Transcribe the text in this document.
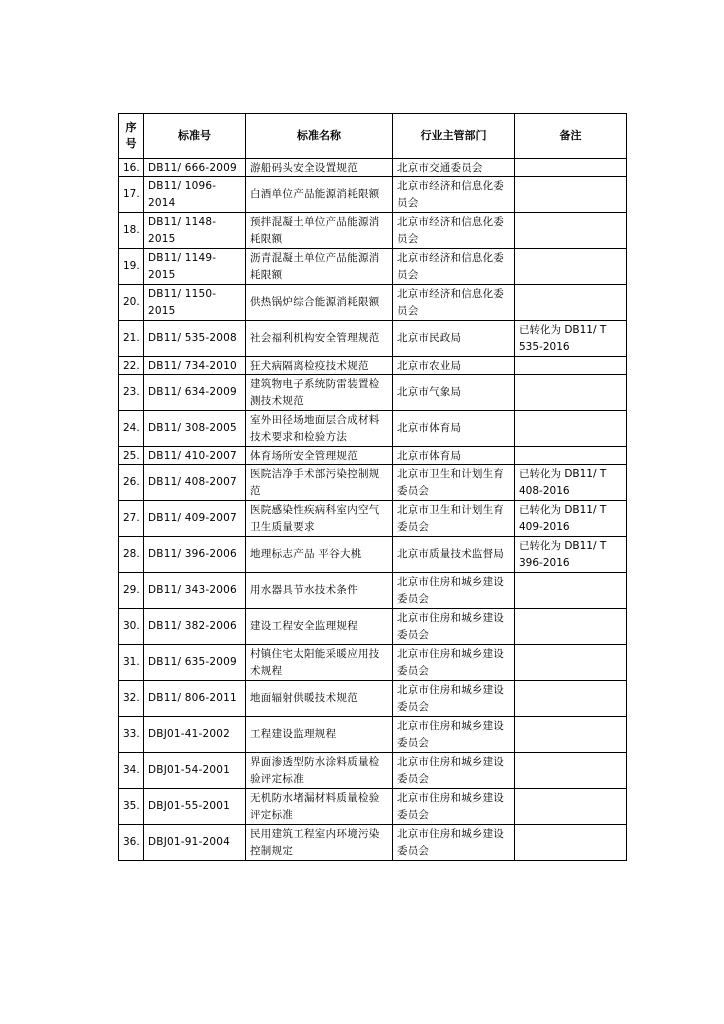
序
号	标准号	标准名称	行业主管部门	备注
16.	DB11/ 666-2009	游船码头安全设置规范	北京市交通委员会	
17.	DB11/ 1096-2014	白酒单位产品能源消耗限额	北京市经济和信息化委员会	
18.	DB11/ 1148-2015	预拌混凝土单位产品能源消耗限额	北京市经济和信息化委员会	
19.	DB11/ 1149-2015	沥青混凝土单位产品能源消耗限额	北京市经济和信息化委员会	
20.	DB11/ 1150-2015	供热锅炉综合能源消耗限额	北京市经济和信息化委员会	
21.	DB11/ 535-2008	社会福利机构安全管理规范	北京市民政局	已转化为 DB11/ T 535-2016
22.	DB11/ 734-2010	狂犬病隔离检疫技术规范	北京市农业局	
23.	DB11/ 634-2009	建筑物电子系统防雷装置检测技术规范	北京市气象局	
24.	DB11/ 308-2005	室外田径场地面层合成材料技术要求和检验方法	北京市体育局	
25.	DB11/ 410-2007	体育场所安全管理规范	北京市体育局	
26.	DB11/ 408-2007	医院洁净手术部污染控制规范	北京市卫生和计划生育委员会	已转化为 DB11/ T 408-2016
27.	DB11/ 409-2007	医院感染性疾病科室内空气卫生质量要求	北京市卫生和计划生育委员会	已转化为 DB11/ T 409-2016
28.	DB11/ 396-2006	地理标志产品 平谷大桃	北京市质量技术监督局	已转化为 DB11/ T 396-2016
29.	DB11/ 343-2006	用水器具节水技术条件	北京市住房和城乡建设委员会	
30.	DB11/ 382-2006	建设工程安全监理规程	北京市住房和城乡建设委员会	
31.	DB11/ 635-2009	村镇住宅太阳能采暖应用技术规程	北京市住房和城乡建设委员会	
32.	DB11/ 806-2011	地面辐射供暖技术规范	北京市住房和城乡建设委员会	
33.	DBJ01-41-2002	工程建设监理规程	北京市住房和城乡建设委员会	
34.	DBJ01-54-2001	界面渗透型防水涂料质量检验评定标准	北京市住房和城乡建设委员会	
35.	DBJ01-55-2001	无机防水堵漏材料质量检验评定标准	北京市住房和城乡建设委员会	
36.	DBJ01-91-2004	民用建筑工程室内环境污染控制规定	北京市住房和城乡建设委员会	
